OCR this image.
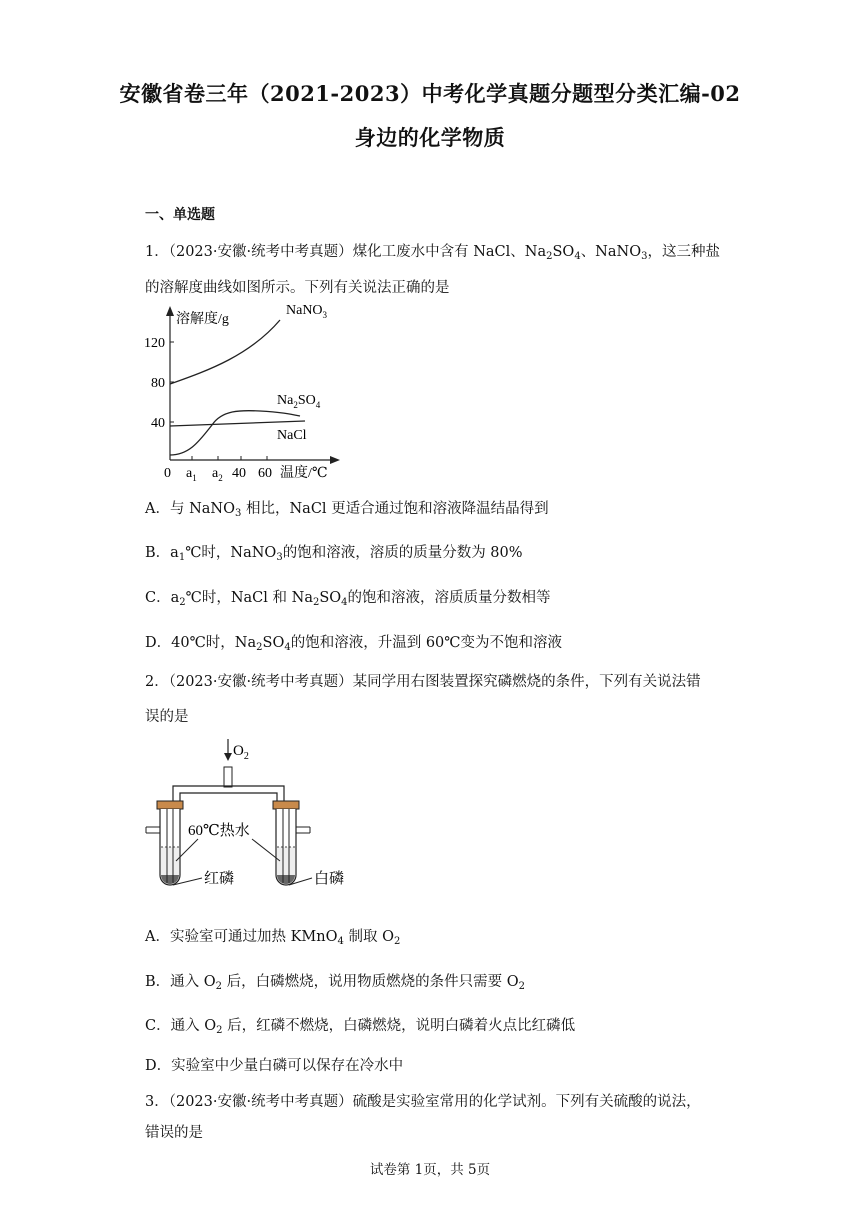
安徽省卷三年（2021-2023）中考化学真题分题型分类汇编-02
身边的化学物质
一、单选题
1．（2023·安徽·统考中考真题）煤化工废水中含有 NaCl、$Na_2SO_4$、NaNO$_3$，这三种盐
的溶解度曲线如图所示。下列有关说法正确的是
溶解度/g
120
80
40
0 $a_1$ $a_2$ 40 60 温度/℃
NaNO$_3$
$Na_2SO_4$
NaCl
A．与 NaNO$_3$ 相比，NaCl 更适合通过饱和溶液降温结晶得到
B．$a_1℃$时，NaNO$_3$的饱和溶液，溶质的质量分数为 80%
C．$a_2℃$时，NaCl 和 $Na_2SO_4$的饱和溶液，溶质质量分数相等
D．40℃时，$Na_2SO_4$的饱和溶液，升温到 60℃变为不饱和溶液
2．（2023·安徽·统考中考真题）某同学用右图装置探究磷燃烧的条件，下列有关说法错
误的是
$O_2$
60℃热水
红磷	白磷
A．实验室可通过加热 KMnO$_4$ 制取 $O_2$
B．通入 $O_2$ 后，白磷燃烧，说用物质燃烧的条件只需要 $O_2$
C．通入 $O_2$ 后，红磷不燃烧，白磷燃烧，说明白磷着火点比红磷低
D．实验室中少量白磷可以保存在冷水中
3．（2023·安徽·统考中考真题）硫酸是实验室常用的化学试剂。下列有关硫酸的说法，
错误的是
试卷第 1页，共 5页
